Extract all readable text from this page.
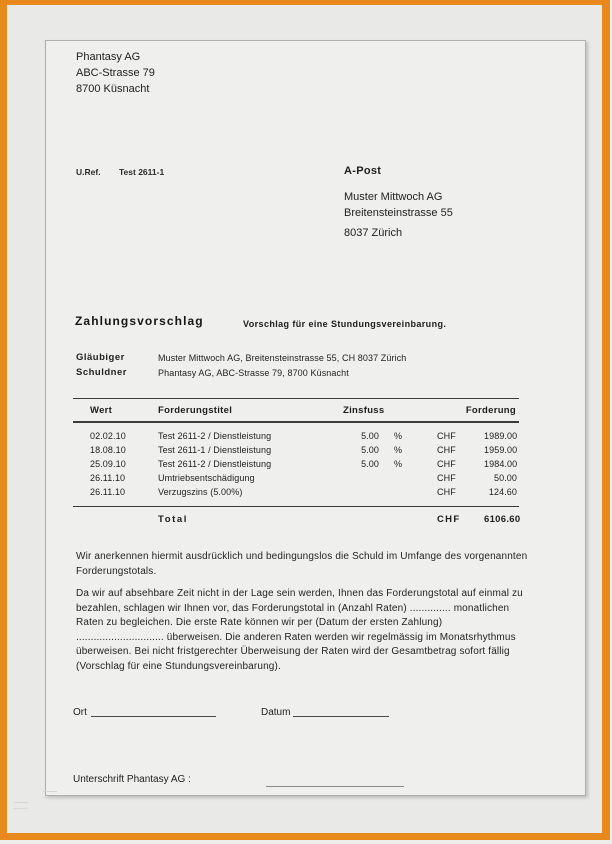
Phantasy AG
ABC-Strasse 79
8700 Küsnacht
U.Ref. Test 2611-1	A-Post
Muster Mittwoch AG
Breitensteinstrasse 55
8037 Zürich
Zahlungsvorschlag	Vorschlag für eine Stundungsvereinbarung.
Gläubiger	Muster Mittwoch AG, Breitensteinstrasse 55, CH 8037 Zürich
Schuldner	Phantasy AG, ABC-Strasse 79, 8700 Küsnacht
Wert	Forderungstitel	Zinsfuss		Forderung	
02.02.10	Test 2611-2 / Dienstleistung	5.00	%	CHF	1989.00
18.08.10	Test 2611-1 / Dienstleistung	5.00	%	CHF	1959.00
25.09.10	Test 2611-2 / Dienstleistung	5.00	%	CHF	1984.00
26.11.10	Umtriebsentschädigung			CHF	50.00
26.11.10	Verzugszins (5.00%)			CHF	124.60
	Total			CHF	6106.60
Wir anerkennen hiermit ausdrücklich und bedingungslos die Schuld im Umfange des vorgenannten
Forderungstotals.
Da wir auf absehbare Zeit nicht in der Lage sein werden, Ihnen das Forderungstotal auf einmal zu
bezahlen, schlagen wir Ihnen vor, das Forderungstotal in (Anzahl Raten) .............. monatlichen
Raten zu begleichen. Die erste Rate können wir per (Datum der ersten Zahlung)
.............................. überweisen. Die anderen Raten werden wir regelmässig im Monatsrhythmus
überweisen. Bei nicht fristgerechter Überweisung der Raten wird der Gesamtbetrag sofort fällig
(Vorschlag für eine Stundungsvereinbarung).
Ort	Datum
Unterschrift Phantasy AG :
